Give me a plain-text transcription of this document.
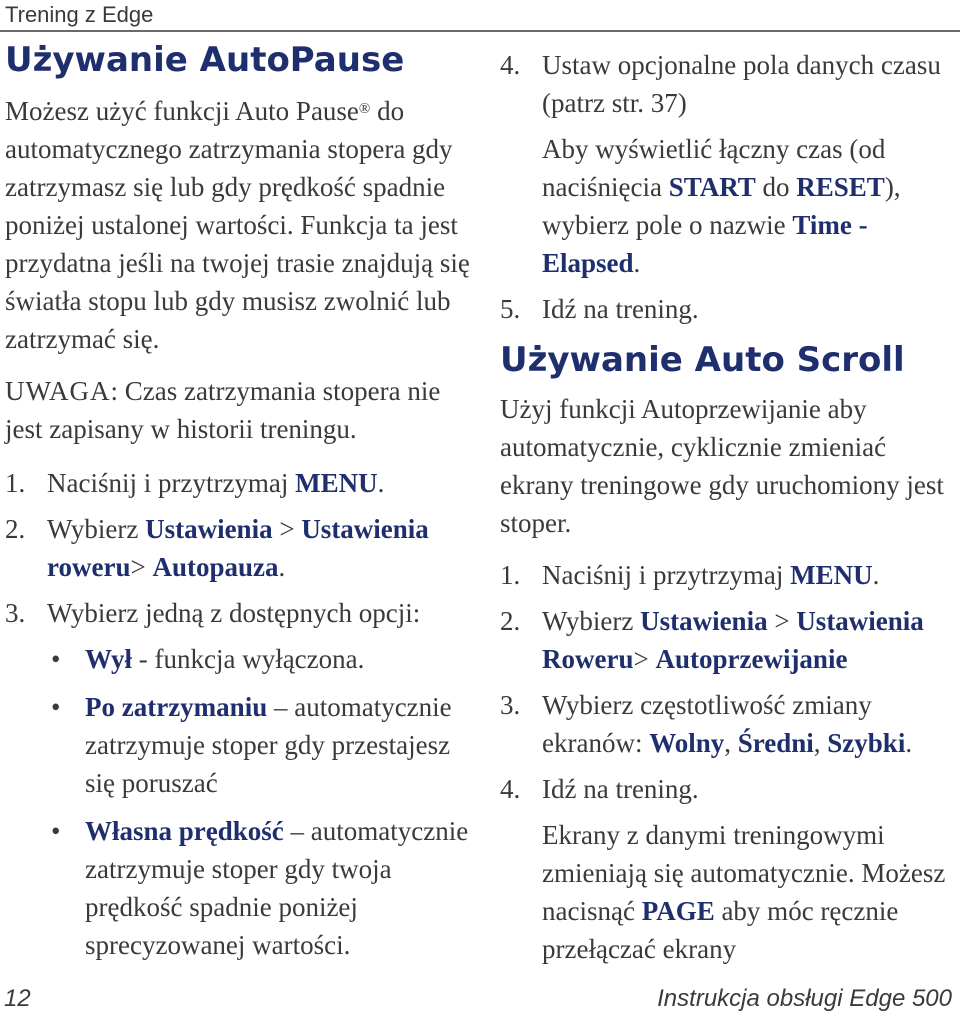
Trening z Edge
Używanie AutoPause

Możesz użyć funkcji Auto Pause® do automatycznego zatrzymania stopera gdy zatrzymasz się lub gdy prędkość spadnie poniżej ustalonej wartości. Funkcja ta jest przydatna jeśli na twojej trasie znajdują się światła stopu lub gdy musisz zwolnić lub zatrzymać się.

UWAGA: Czas zatrzymania stopera nie jest zapisany w historii treningu.

1. Naciśnij i przytrzymaj MENU.
2. Wybierz Ustawienia > Ustawienia roweru> Autopauza.
3. Wybierz jedną z dostępnych opcji:
• Wył - funkcja wyłączona.
• Po zatrzymaniu – automatycznie zatrzymuje stoper gdy przestajesz się poruszać
• Własna prędkość – automatycznie zatrzymuje stoper gdy twoja prędkość spadnie poniżej sprecyzowanej wartości.
4. Ustaw opcjonalne pola danych czasu (patrz str. 37)
Aby wyświetlić łączny czas (od naciśnięcia START do RESET), wybierz pole o nazwie Time - Elapsed.
5. Idź na trening.
Używanie Auto Scroll

Użyj funkcji Autoprzewijanie aby automatycznie, cyklicznie zmieniać ekrany treningowe gdy uruchomiony jest stoper.

1. Naciśnij i przytrzymaj MENU.
2. Wybierz Ustawienia > Ustawienia Roweru> Autoprzewijanie
3. Wybierz częstotliwość zmiany ekranów: Wolny, Średni, Szybki.
4. Idź na trening.
Ekrany z danymi treningowymi zmieniają się automatycznie. Możesz nacisnąć PAGE aby móc ręcznie przełączać ekrany
12	Instrukcja obsługi Edge 500
